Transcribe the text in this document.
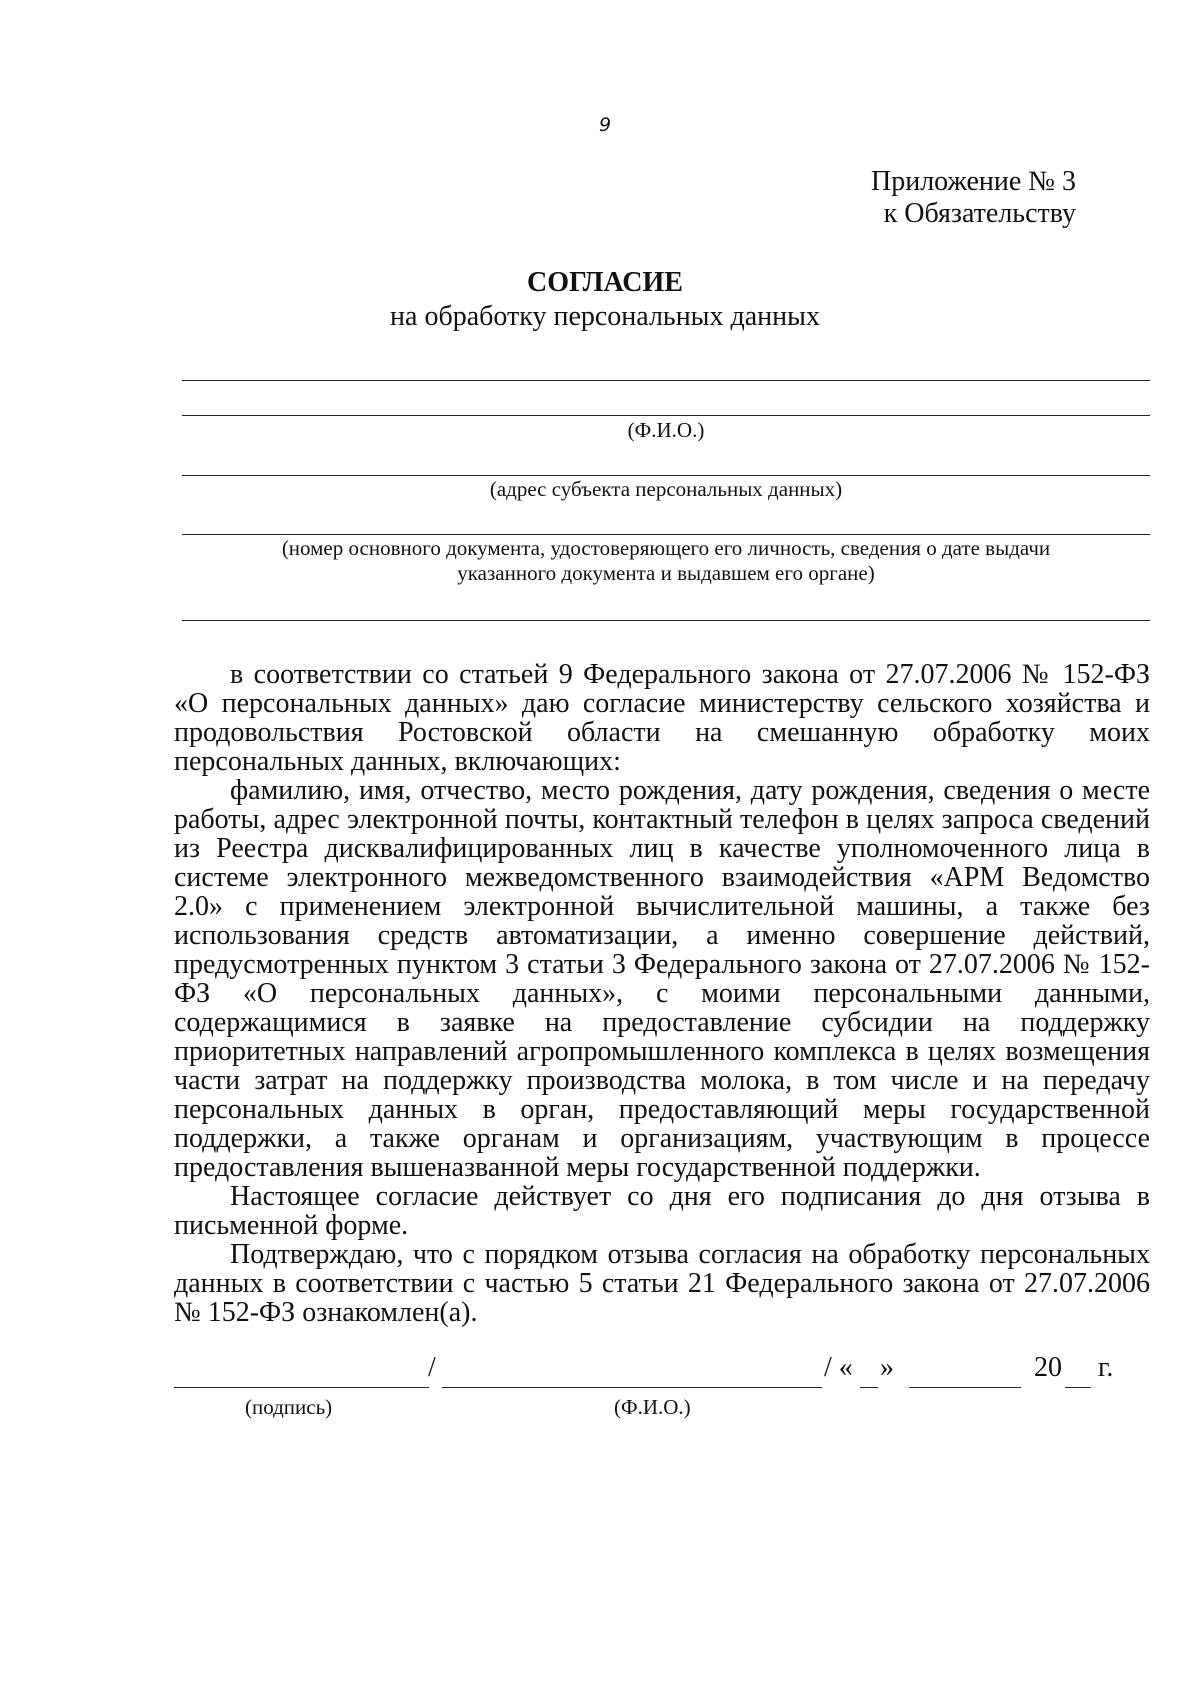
9
Приложение № 3
к Обязательству
СОГЛАСИЕ
на обработку персональных данных
(Ф.И.О.)
(адрес субъекта персональных данных)
(номер основного документа, удостоверяющего его личность, сведения о дате выдачи
указанного документа и выдавшем его органе)

в соответствии со статьей 9 Федерального закона от 27.07.2006 № 152-ФЗ «О персональных данных» даю согласие министерству сельского хозяйства и продовольствия Ростовской области на смешанную обработку моих персональных данных, включающих:

фамилию, имя, отчество, место рождения, дату рождения, сведения о месте работы, адрес электронной почты, контактный телефон в целях запроса сведений из Реестра дисквалифицированных лиц в качестве уполномоченного лица в системе электронного межведомственного взаимодействия «АРМ Ведомство 2.0» с применением электронной вычислительной машины, а также без использования средств автоматизации, а именно совершение действий, предусмотренных пунктом 3 статьи 3 Федерального закона от 27.07.2006 № 152-ФЗ «О персональных данных», с моими персональными данными, содержащимися в заявке на предоставление субсидии на поддержку приоритетных направлений агропромышленного комплекса в целях возмещения части затрат на поддержку производства молока, в том числе и на передачу персональных данных в орган, предоставляющий меры государственной поддержки, а также органам и организациям, участвующим в процессе предоставления вышеназванной меры государственной поддержки.

Настоящее согласие действует со дня его подписания до дня отзыва в письменной форме.

Подтверждаю, что с порядком отзыва согласия на обработку персональных данных в соответствии с частью 5 статьи 21 Федерального закона от 27.07.2006 № 152-ФЗ ознакомлен(а).

/	/ « »	20 г.
(подпись)	(Ф.И.О.)
